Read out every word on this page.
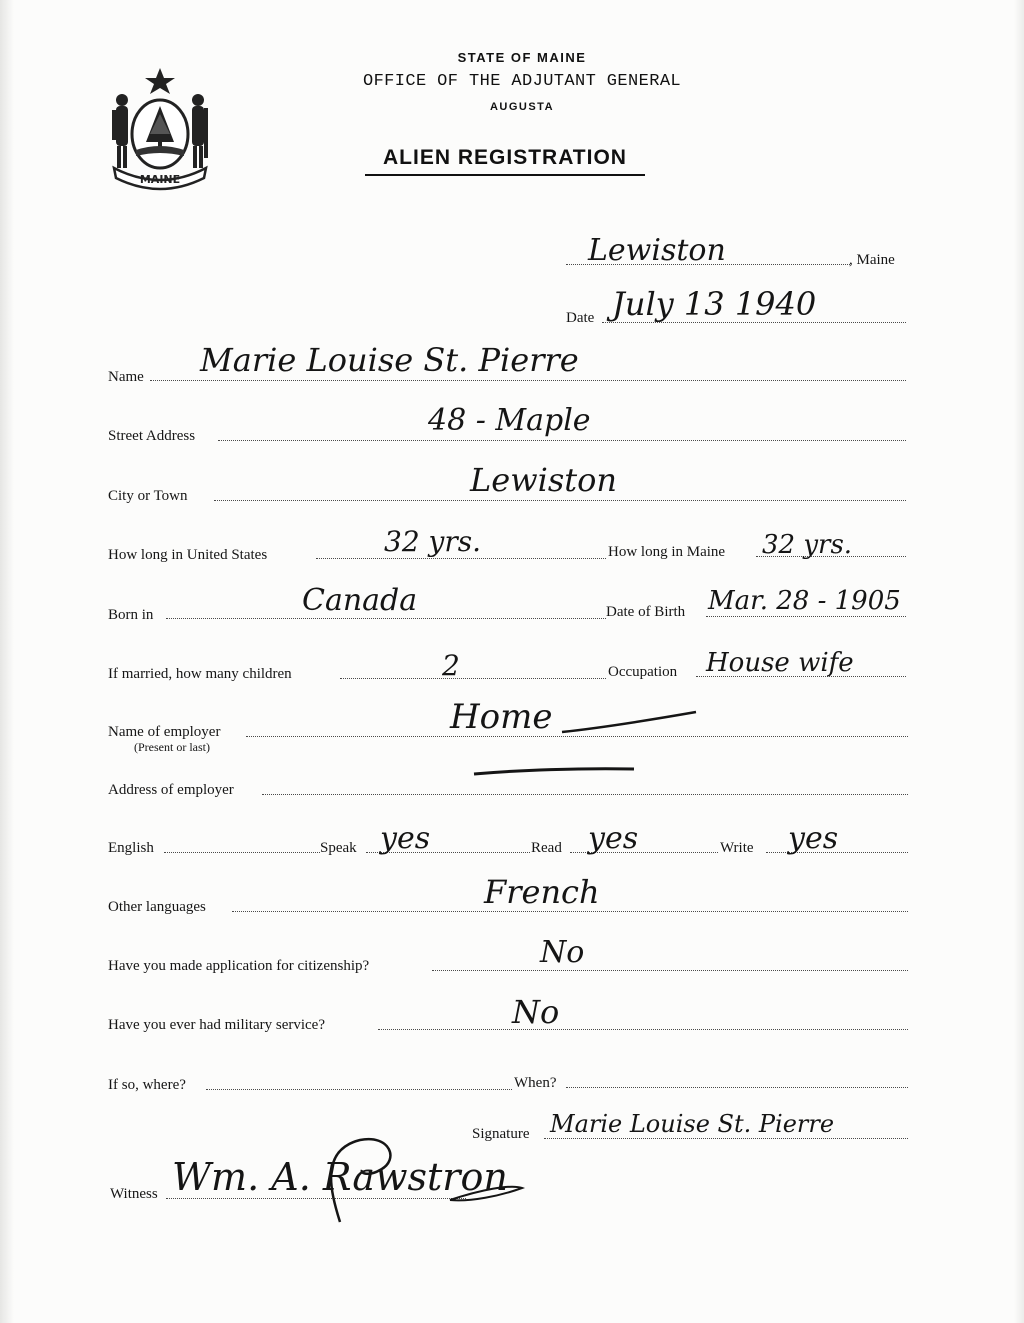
MAINE
STATE OF MAINE
OFFICE OF THE ADJUTANT GENERAL
AUGUSTA
ALIEN REGISTRATION
Lewiston	, Maine
Date July 13 1940
Name Marie Louise St. Pierre
Street Address	48 - Maple
City or Town	Lewiston
How long in United States	32 yrs.	How long in Maine 32 yrs.
Born in	Canada	Date of Birth Mar. 28 - 1905
If married, how many children	2	Occupation House wife
Name of employer
(Present or last)
Home
Address of employer
English	Speak yes	Read yes	Write yes
Other languages	French
Have you made application for citizenship?	No
Have you ever had military service?	No
If so, where?	When?
Signature Marie Louise St. Pierre
Witness Wm. A. Rawstron
